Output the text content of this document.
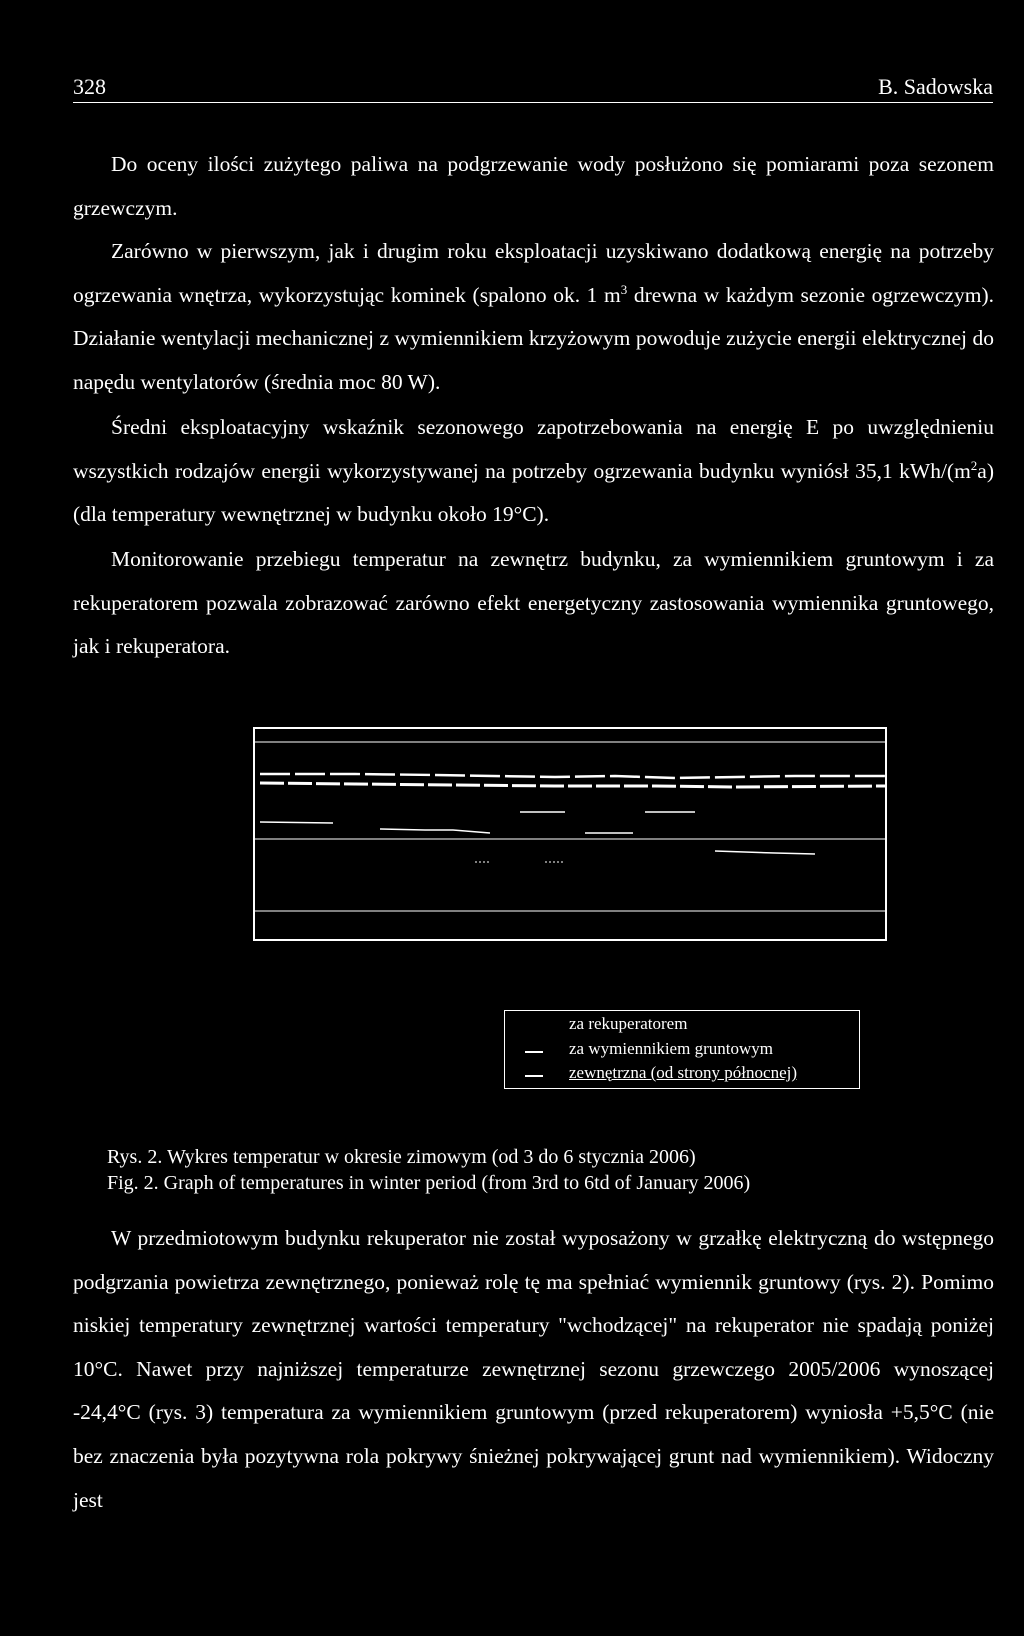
328	B. Sadowska

Do oceny ilości zużytego paliwa na podgrzewanie wody posłużono się pomiarami poza sezonem grzewczym.

Zarówno w pierwszym, jak i drugim roku eksploatacji uzyskiwano dodatkową energię na potrzeby ogrzewania wnętrza, wykorzystując kominek (spalono ok. 1 $m^3$ drewna w każdym sezonie ogrzewczym). Działanie wentylacji mechanicznej z wymiennikiem krzyżowym powoduje zużycie energii elektrycznej do napędu wentylatorów (średnia moc 80 W).

Średni eksploatacyjny wskaźnik sezonowego zapotrzebowania na energię E po uwzględnieniu wszystkich rodzajów energii wykorzystywanej na potrzeby ogrzewania budynku wyniósł 35,1 kWh/$(m^2a)$ (dla temperatury wewnętrznej w budynku około 19°C).

Monitorowanie przebiegu temperatur na zewnętrz budynku, za wymiennikiem gruntowym i za rekuperatorem pozwala zobrazować zarówno efekt energetyczny zastosowania wymiennika gruntowego, jak i rekuperatora.

za rekuperatorem
za wymiennikiem gruntowym
zewnętrzna (od strony północnej)
Rys. 2. Wykres temperatur w okresie zimowym (od 3 do 6 stycznia 2006)
Fig. 2. Graph of temperatures in winter period (from 3rd to 6td of January 2006)

W przedmiotowym budynku rekuperator nie został wyposażony w grzałkę elektryczną do wstępnego podgrzania powietrza zewnętrznego, ponieważ rolę tę ma spełniać wymiennik gruntowy (rys. 2). Pomimo niskiej temperatury zewnętrznej wartości temperatury "wchodzącej" na rekuperator nie spadają poniżej 10°C. Nawet przy najniższej temperaturze zewnętrznej sezonu grzewczego 2005/2006 wynoszącej -24,4°C (rys. 3) temperatura za wymiennikiem gruntowym (przed rekuperatorem) wyniosła +5,5°C (nie bez znaczenia była pozytywna rola pokrywy śnieżnej pokrywającej grunt nad wymiennikiem). Widoczny jest
